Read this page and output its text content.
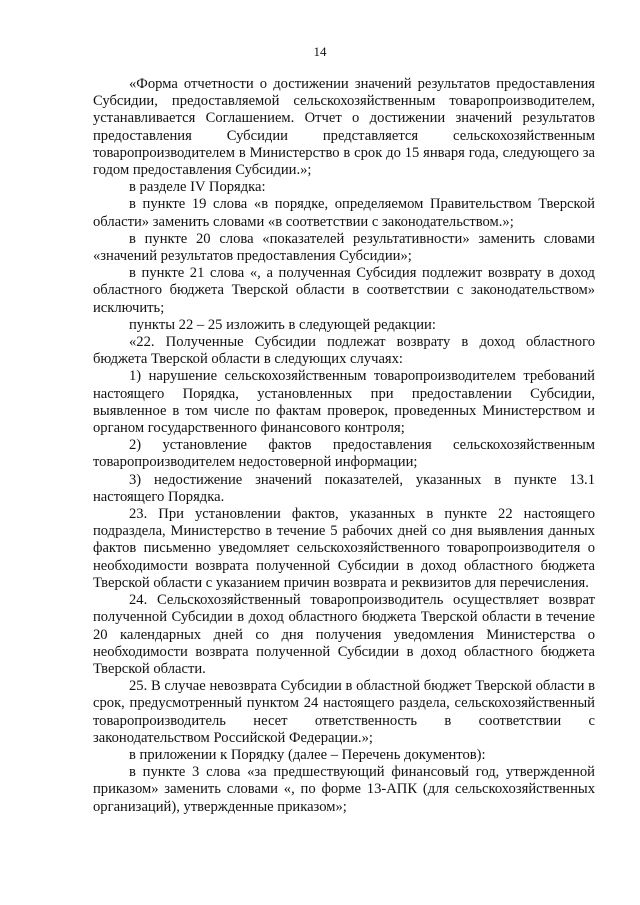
14

«Форма отчетности о достижении значений результатов предоставления Субсидии, предоставляемой сельскохозяйственным товаропроизводителем, устанавливается Соглашением. Отчет о достижении значений результатов предоставления Субсидии представляется сельскохозяйственным товаропроизводителем в Министерство в срок до 15 января года, следующего за годом предоставления Субсидии.»;

в разделе IV Порядка:

в пункте 19 слова «в порядке, определяемом Правительством Тверской области» заменить словами «в соответствии с законодательством.»;

в пункте 20 слова «показателей результативности» заменить словами «значений результатов предоставления Субсидии»;

в пункте 21 слова «, а полученная Субсидия подлежит возврату в доход областного бюджета Тверской области в соответствии с законодательством» исключить;

пункты 22 – 25 изложить в следующей редакции:

«22. Полученные Субсидии подлежат возврату в доход областного бюджета Тверской области в следующих случаях:

1) нарушение сельскохозяйственным товаропроизводителем требований настоящего Порядка, установленных при предоставлении Субсидии, выявленное в том числе по фактам проверок, проведенных Министерством и органом государственного финансового контроля;

2) установление фактов предоставления сельскохозяйственным товаропроизводителем недостоверной информации;

3) недостижение значений показателей, указанных в пункте 13.1 настоящего Порядка.

23. При установлении фактов, указанных в пункте 22 настоящего подраздела, Министерство в течение 5 рабочих дней со дня выявления данных фактов письменно уведомляет сельскохозяйственного товаропроизводителя о необходимости возврата полученной Субсидии в доход областного бюджета Тверской области с указанием причин возврата и реквизитов для перечисления.

24. Сельскохозяйственный товаропроизводитель осуществляет возврат полученной Субсидии в доход областного бюджета Тверской области в течение 20 календарных дней со дня получения уведомления Министерства о необходимости возврата полученной Субсидии в доход областного бюджета Тверской области.

25. В случае невозврата Субсидии в областной бюджет Тверской области в срок, предусмотренный пунктом 24 настоящего раздела, сельскохозяйственный товаропроизводитель несет ответственность в соответствии с законодательством Российской Федерации.»;

в приложении к Порядку (далее – Перечень документов):

в пункте 3 слова «за предшествующий финансовый год, утвержденной приказом» заменить словами «, по форме 13-АПК (для сельскохозяйственных организаций), утвержденные приказом»;
